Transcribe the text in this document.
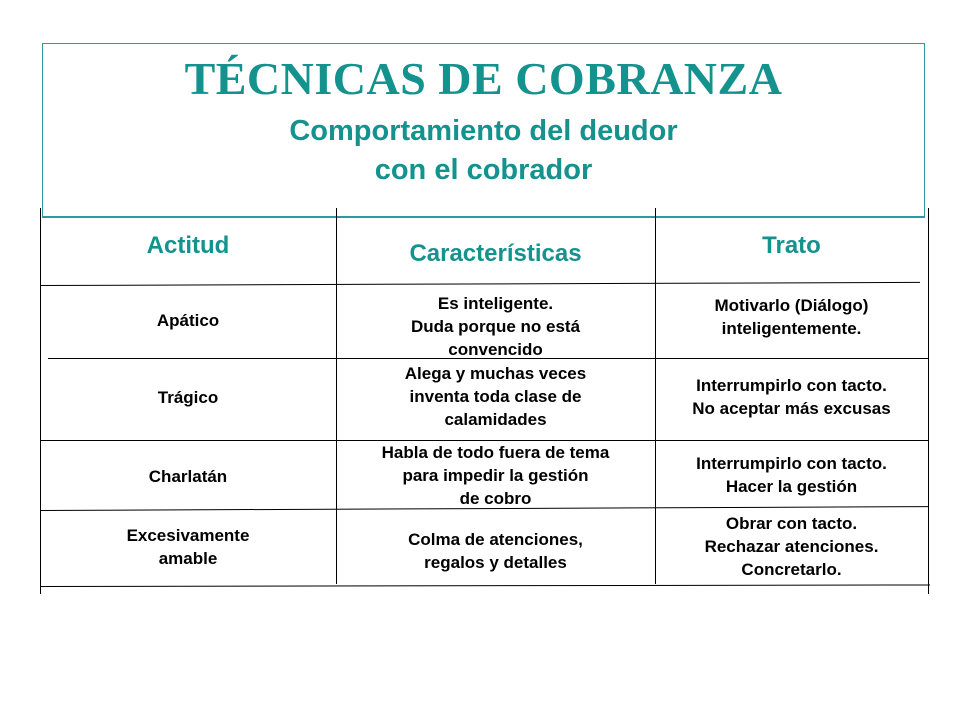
TÉCNICAS DE COBRANZA
Comportamiento del deudor
con el cobrador
Actitud	Características	Trato
Apático
Es inteligente.
Duda porque no está
convencido
Motivarlo (Diálogo)
inteligentemente.
Trágico
Alega y muchas veces
inventa toda clase de
calamidades
Interrumpirlo con tacto.
No aceptar más excusas
Charlatán
Habla de todo fuera de tema
para impedir la gestión
de cobro
Interrumpirlo con tacto.
Hacer la gestión
Excesivamente
amable
Colma de atenciones,
regalos y detalles
Obrar con tacto.
Rechazar atenciones.
Concretarlo.
